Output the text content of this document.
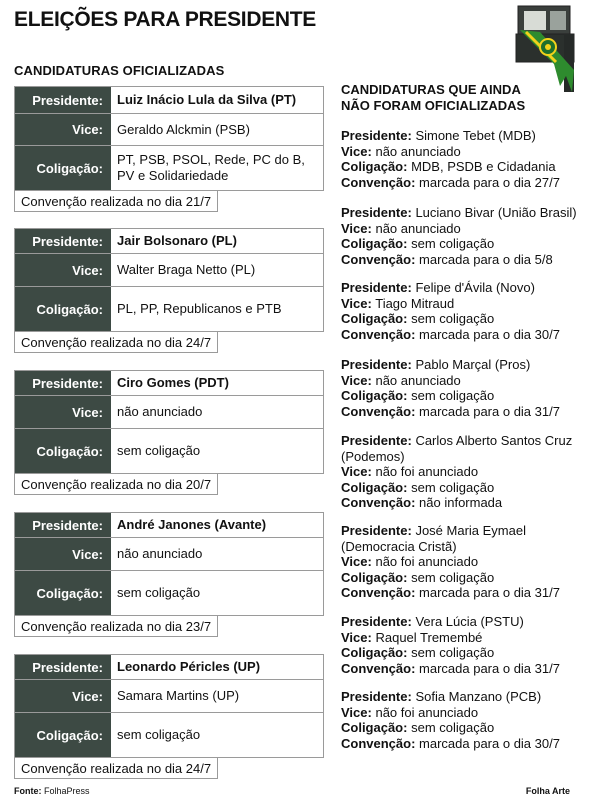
ELEIÇÕES PARA PRESIDENTE
CANDIDATURAS OFICIALIZADAS
Presidente:	Luiz Inácio Lula da Silva (PT)
Vice:	Geraldo Alckmin (PSB)
Coligação:
PT, PSB, PSOL, Rede, PC do B, PV e Solidariedade
Convenção realizada no dia 21/7
Presidente:	Jair Bolsonaro (PL)
Vice:	Walter Braga Netto (PL)
Coligação:	PL, PP, Republicanos e PTB
Convenção realizada no dia 24/7
Presidente:	Ciro Gomes (PDT)
Vice:	não anunciado
Coligação:	sem coligação
Convenção realizada no dia 20/7
Presidente:	André Janones (Avante)
Vice:	não anunciado
Coligação:	sem coligação
Convenção realizada no dia 23/7
Presidente:	Leonardo Péricles (UP)
Vice:	Samara Martins (UP)
Coligação:	sem coligação
Convenção realizada no dia 24/7
CANDIDATURAS QUE AINDA
NÃO FORAM OFICIALIZADAS
Presidente: Simone Tebet (MDB)
Vice: não anunciado
Coligação: MDB, PSDB e Cidadania
Convenção: marcada para o dia 27/7
Presidente: Luciano Bivar (União Brasil)
Vice: não anunciado
Coligação: sem coligação
Convenção: marcada para o dia 5/8
Presidente: Felipe d'Ávila (Novo)
Vice: Tiago Mitraud
Coligação: sem coligação
Convenção: marcada para o dia 30/7
Presidente: Pablo Marçal (Pros)
Vice: não anunciado
Coligação: sem coligação
Convenção: marcada para o dia 31/7
Presidente: Carlos Alberto Santos Cruz (Podemos)
Vice: não foi anunciado
Coligação: sem coligação
Convenção: não informada
Presidente: José Maria Eymael (Democracia Cristã)
Vice: não foi anunciado
Coligação: sem coligação
Convenção: marcada para o dia 31/7
Presidente: Vera Lúcia (PSTU)
Vice: Raquel Tremembé
Coligação: sem coligação
Convenção: marcada para o dia 31/7
Presidente: Sofia Manzano (PCB)
Vice: não foi anunciado
Coligação: sem coligação
Convenção: marcada para o dia 30/7
Fonte: FolhaPress	Folha Arte
